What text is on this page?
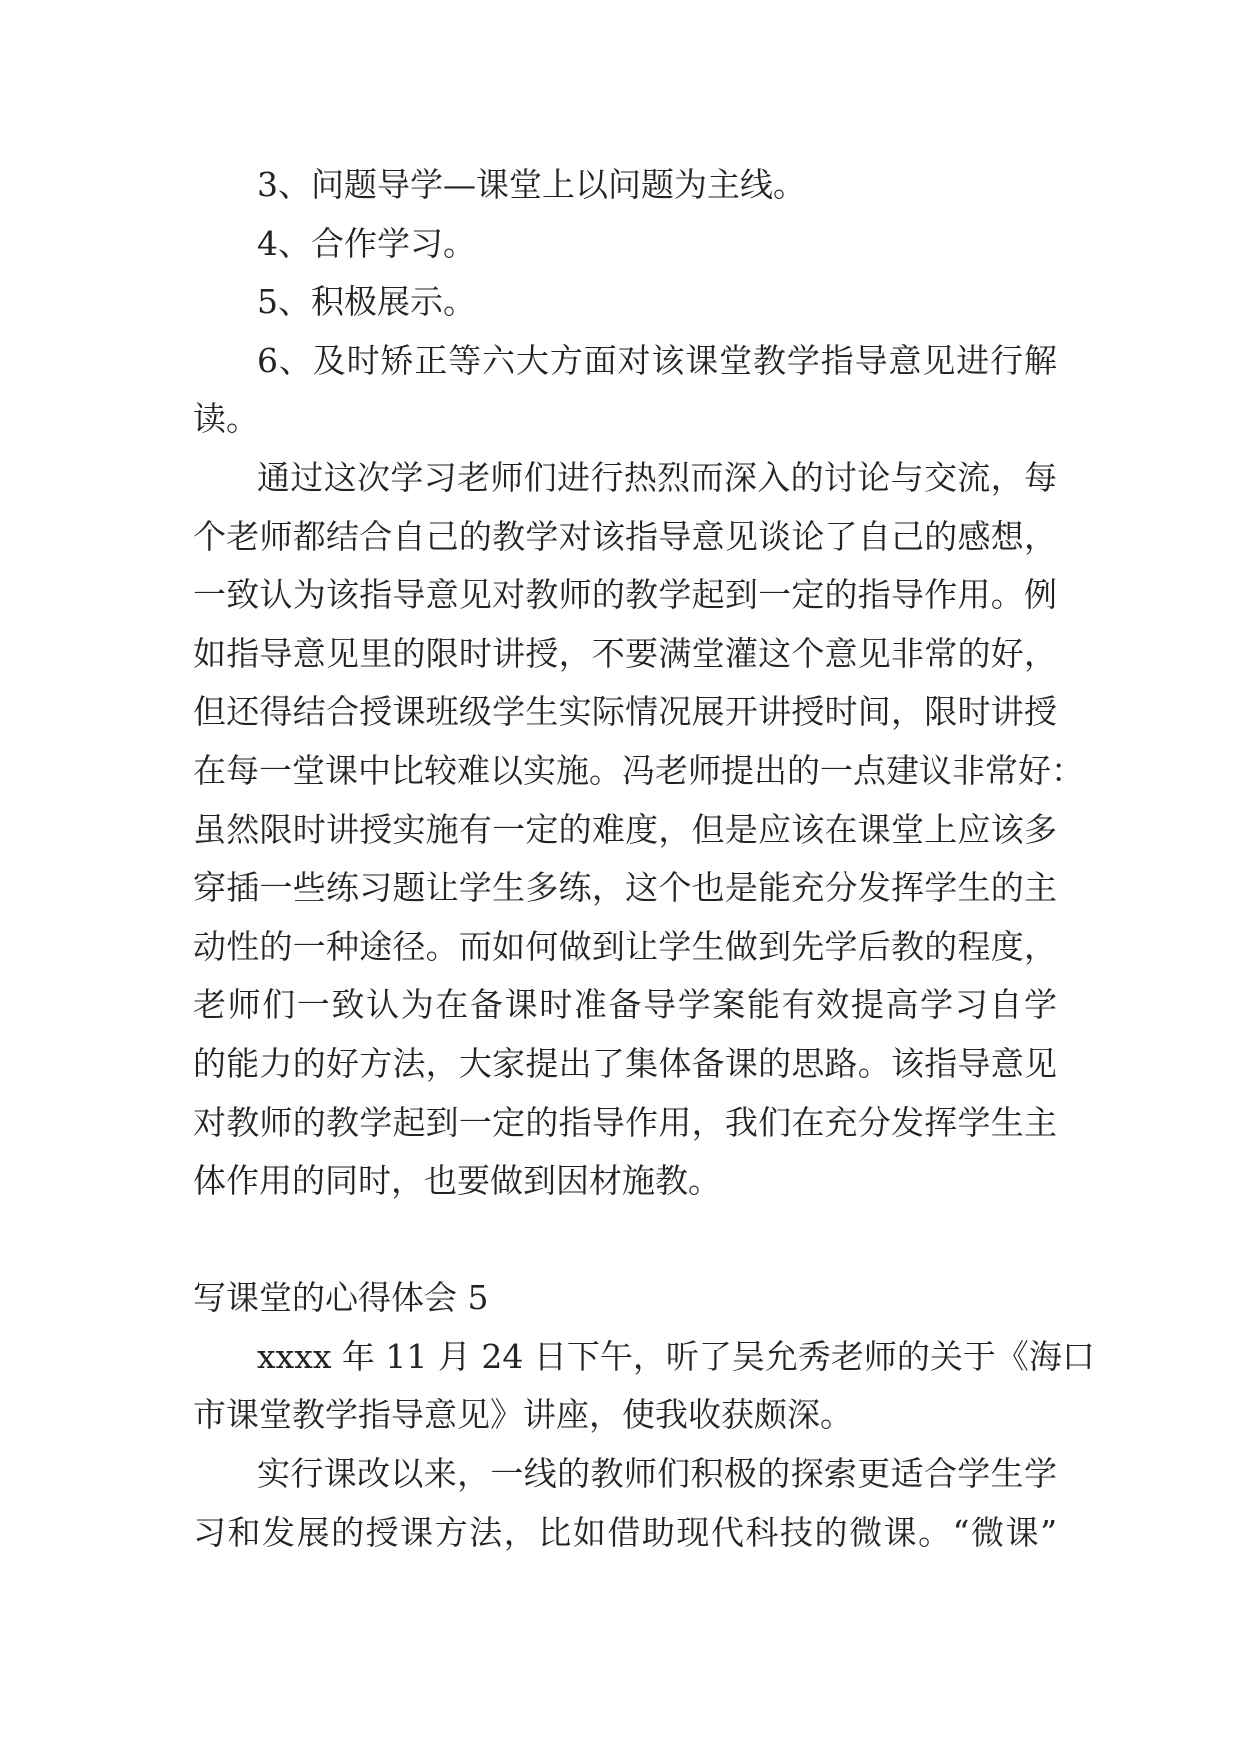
3、问题导学—课堂上以问题为主线。

4、合作学习。

5、积极展示。

6、及时矫正等六大方面对该课堂教学指导意见进行解
读。

通过这次学习老师们进行热烈而深入的讨论与交流，每
个老师都结合自己的教学对该指导意见谈论了自己的感想，
一致认为该指导意见对教师的教学起到一定的指导作用。例
如指导意见里的限时讲授，不要满堂灌这个意见非常的好，
但还得结合授课班级学生实际情况展开讲授时间，限时讲授
在每一堂课中比较难以实施。冯老师提出的一点建议非常好：
虽然限时讲授实施有一定的难度，但是应该在课堂上应该多
穿插一些练习题让学生多练，这个也是能充分发挥学生的主
动性的一种途径。而如何做到让学生做到先学后教的程度，
老师们一致认为在备课时准备导学案能有效提高学习自学
的能力的好方法，大家提出了集体备课的思路。该指导意见
对教师的教学起到一定的指导作用，我们在充分发挥学生主
体作用的同时，也要做到因材施教。

写课堂的心得体会 5

xxxx 年 11 月 24 日下午，听了吴允秀老师的关于《海口
市课堂教学指导意见》讲座，使我收获颇深。

实行课改以来，一线的教师们积极的探索更适合学生学
习和发展的授课方法，比如借助现代科技的微课。“微课”
